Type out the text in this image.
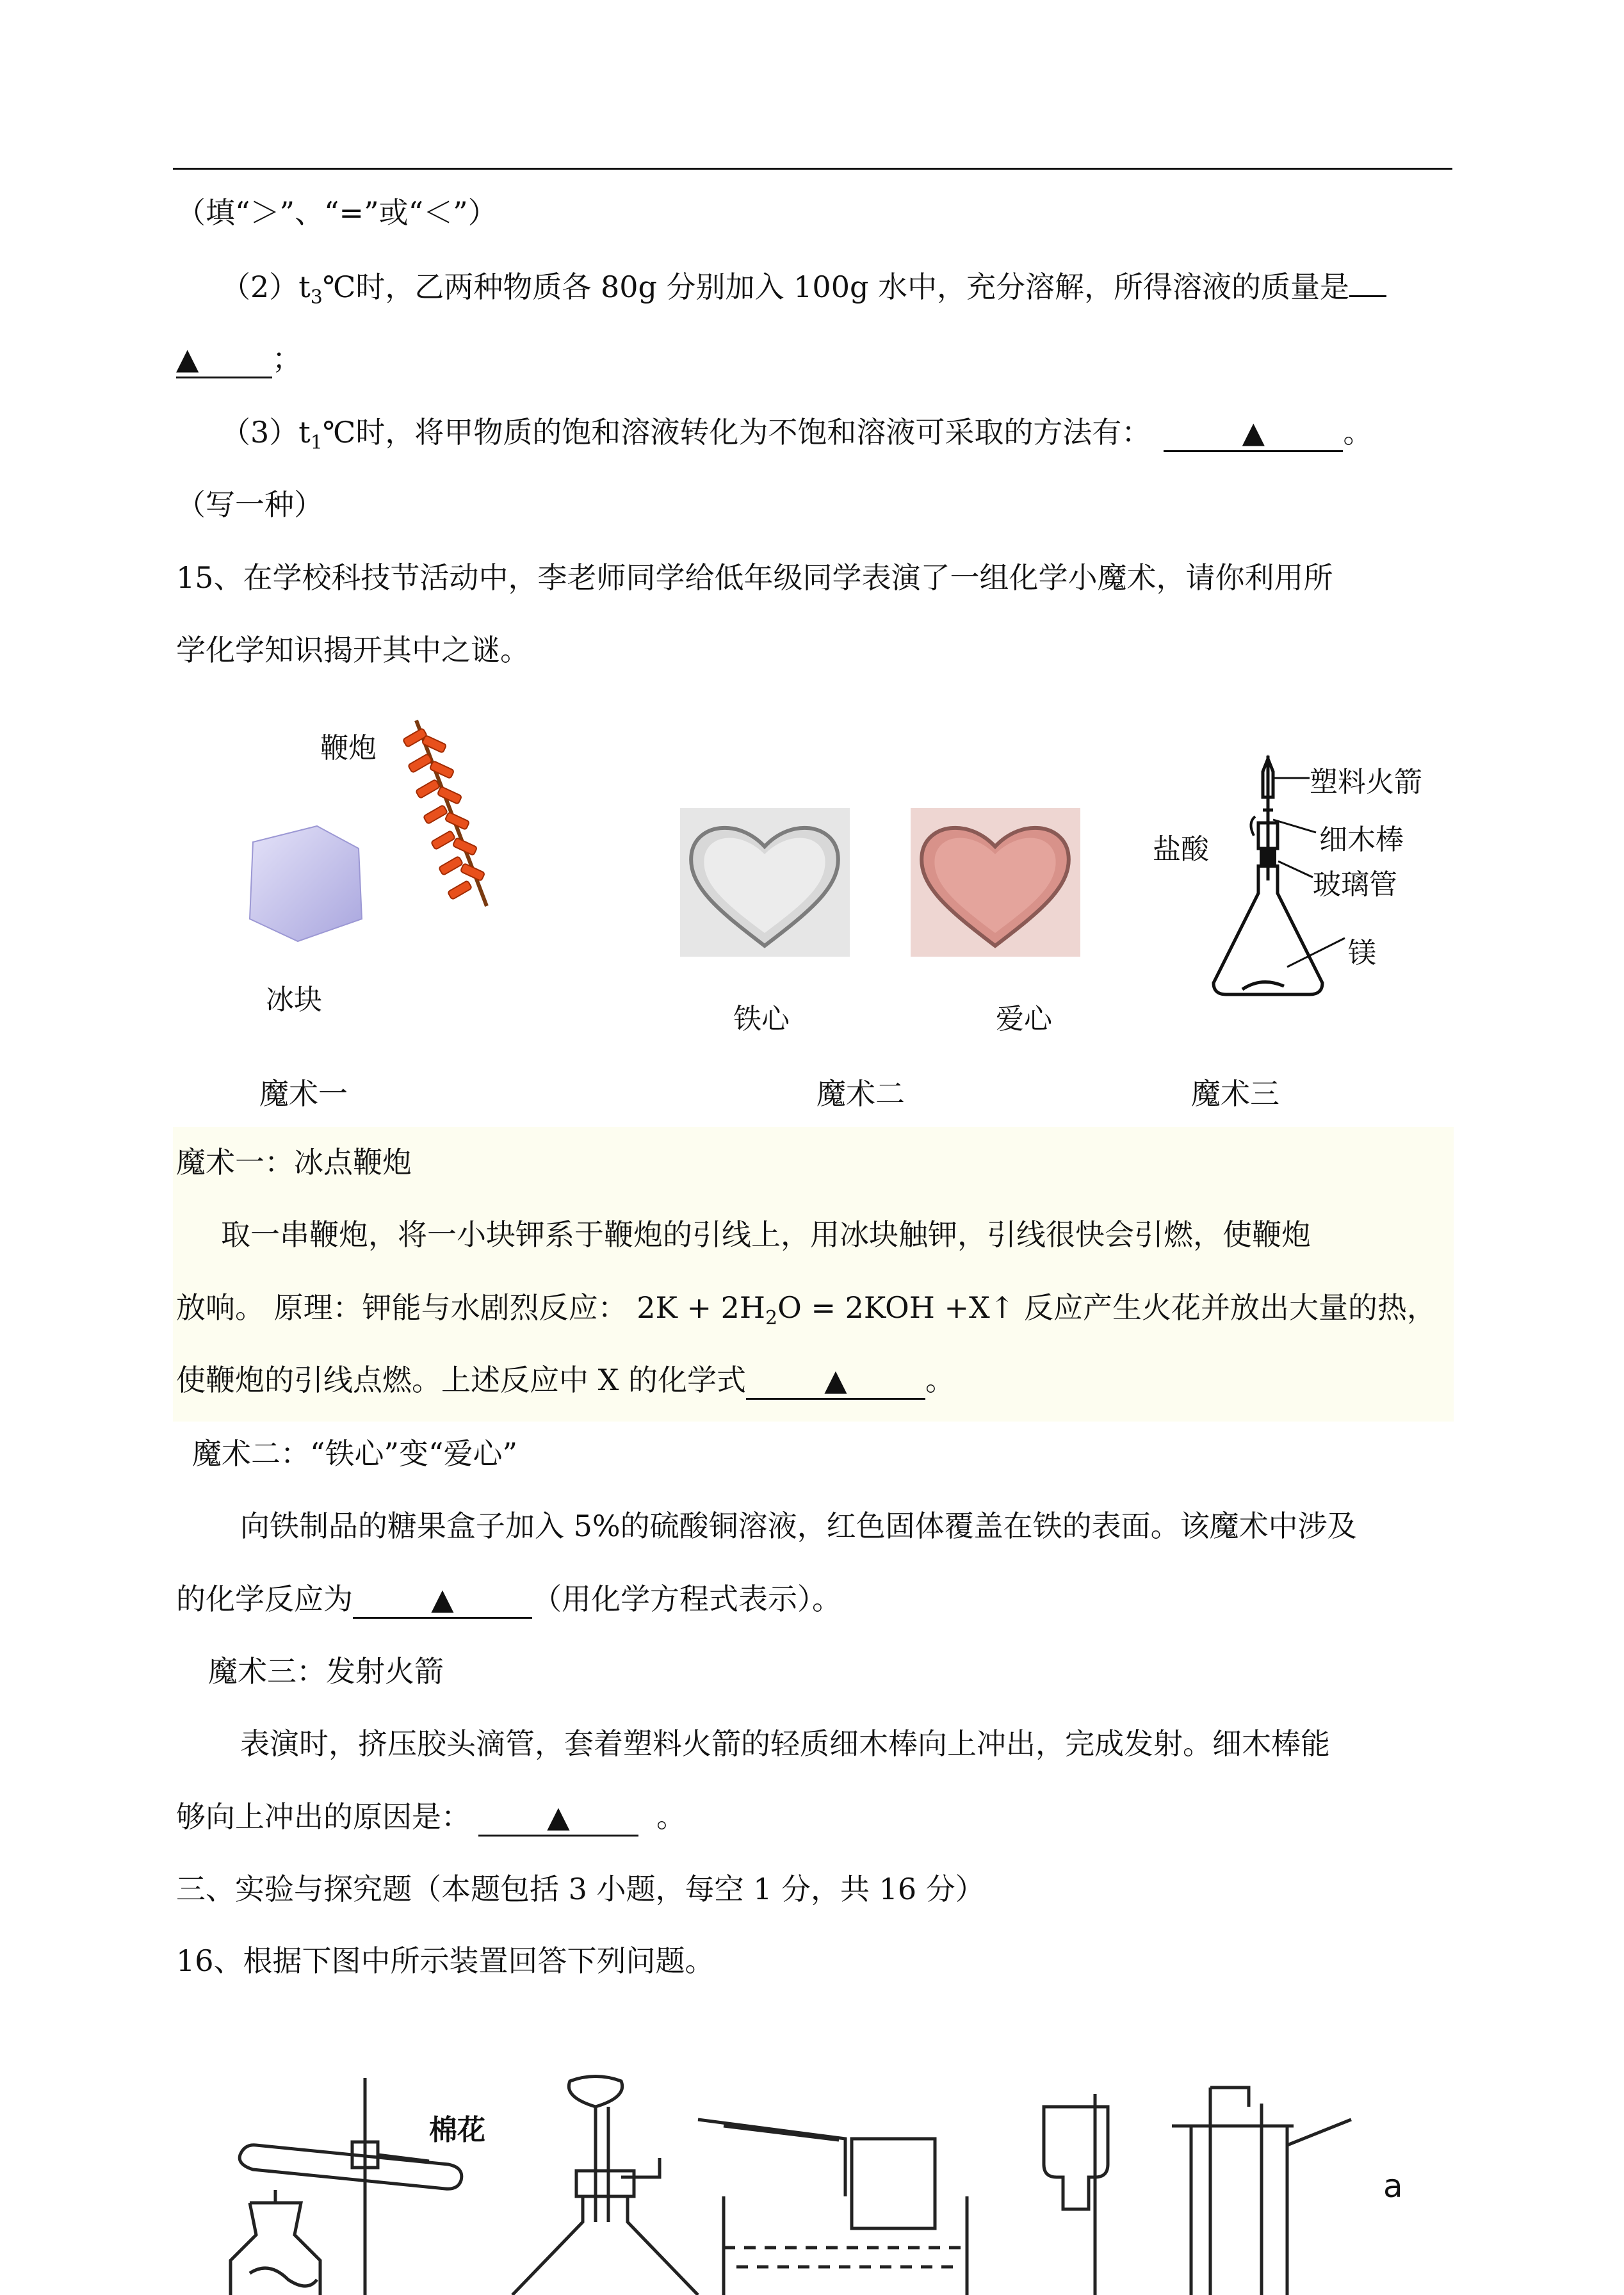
（填“＞”、“=”或“＜”）
$(2)t_3℃$时，乙两种物质各 80g 分别加入 100g 水中，充分溶解，所得溶液的质量是
▲ ；
$(3)t_1℃$时，将甲物质的饱和溶液转化为不饱和溶液可采取的方法有：	▲	。
（写一种）
15、在学校科技节活动中，李老师同学给低年级同学表演了一组化学小魔术，请你利用所
学化学知识揭开其中之谜。
鞭炮
冰块
铁心	爱心
塑料火箭
细木棒
盐酸
玻璃管
镁
魔术一	魔术二	魔术三
魔术一：冰点鞭炮
取一串鞭炮，将一小块钾系于鞭炮的引线上，用冰块触钾，引线很快会引燃，使鞭炮
放响。 原理：钾能与水剧烈反应： $2K + 2H_2O = 2KOH$ +X↑ 反应产生火花并放出大量的热，
使鞭炮的引线点燃。上述反应中 X 的化学式	▲	。
魔术二：“铁心”变“爱心”
向铁制品的糖果盒子加入 5%的硫酸铜溶液，红色固体覆盖在铁的表面。该魔术中涉及
的化学反应为	▲	（用化学方程式表示）。
魔术三：发射火箭
表演时，挤压胶头滴管，套着塑料火箭的轻质细木棒向上冲出，完成发射。细木棒能
够向上冲出的原因是：	▲	。
三、实验与探究题（本题包括 3 小题，每空 1 分，共 16 分）
16、根据下图中所示装置回答下列问题。
棉花
a
